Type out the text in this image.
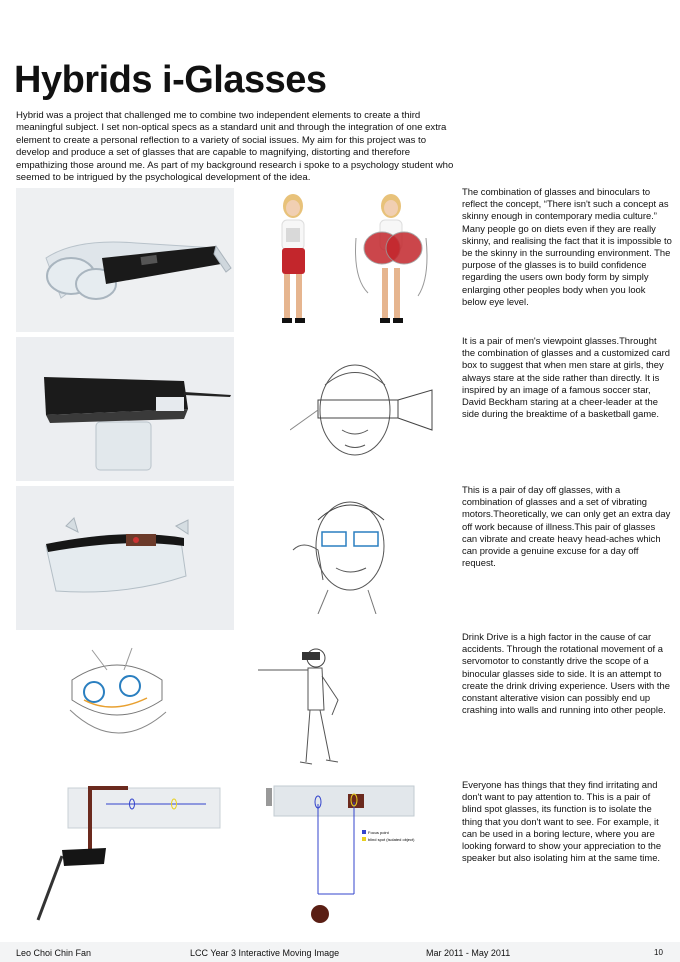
Hybrids i-Glasses

Hybrid was a project that challenged me to combine two independent elements to create a third meaningful subject. I set non-optical specs as a standard unit and through the integration of one extra element to create a personal reflection to a variety of social issues. My aim for this project was to develop and produce a set of glasses that are capable to magnifying, distorting and therefore empathizing those around me. As part of my background research i spoke to a psychology student who seemed to be intrigued by the psychological development of the idea.

The combination of glasses and binoculars to reflect the concept, “There isn't such a concept as skinny enough in contemporary media culture.” Many people go on diets even if they are really skinny, and realising the fact that it is impossible to be the skinny in the surrounding environment. The purpose of the glasses is to build confidence regarding the users own body form by simply enlarging other peoples body when you look below eye level.

It is a pair of men's viewpoint glasses.Throught the combination of glasses and a customized card box to suggest that when men stare at girls, they always stare at the side rather than directly. It is inspired by an image of a famous soccer star, David Beckham staring at a cheer-leader at the side during the breaktime of a basketball game.

This is a pair of day off glasses, with a combination of glasses and a set of vibrating motors.Theoretically, we can only get an extra day off work because of illness.This pair of glasses can vibrate and create heavy head-aches which can provide a genuine excuse for a day off request.

Drink Drive is a high factor in the cause of car accidents. Through the rotational movement of a servomotor to constantly drive the scope of a binocular glasses side to side. It is an attempt to create the drink driving experience. Users with the constant alterative vision can possibly end up crashing into walls and running into other people.

Focus point
blind spot (isolated object)

Everyone has things that they find irritating and don't want to pay attention to. This is a pair of blind spot glasses, its function is to isolate the thing that you don't want to see. For example, it can be used in a boring lecture, where you are looking forward to show your appreciation to the speaker but also isolating him at the same time.

Leo Choi Chin Fan	LCC Year 3 Interactive Moving Image	Mar 2011 - May 2011	10
